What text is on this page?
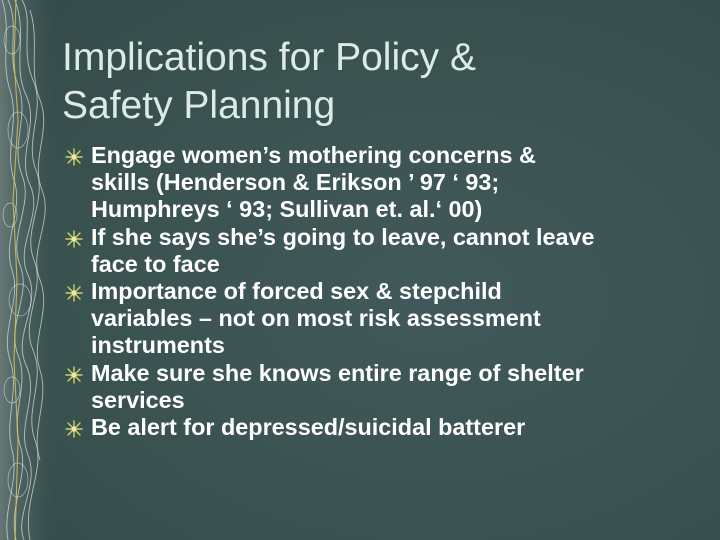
Implications for Policy &
Safety Planning
Engage women’s mothering concerns &
skills (Henderson & Erikson ’ 97 ‘ 93;
Humphreys ‘ 93; Sullivan et. al.‘ 00)
If she says she’s going to leave, cannot leave
face to face
Importance of forced sex & stepchild
variables – not on most risk assessment
instruments
Make sure she knows entire range of shelter
services
Be alert for depressed/suicidal batterer
